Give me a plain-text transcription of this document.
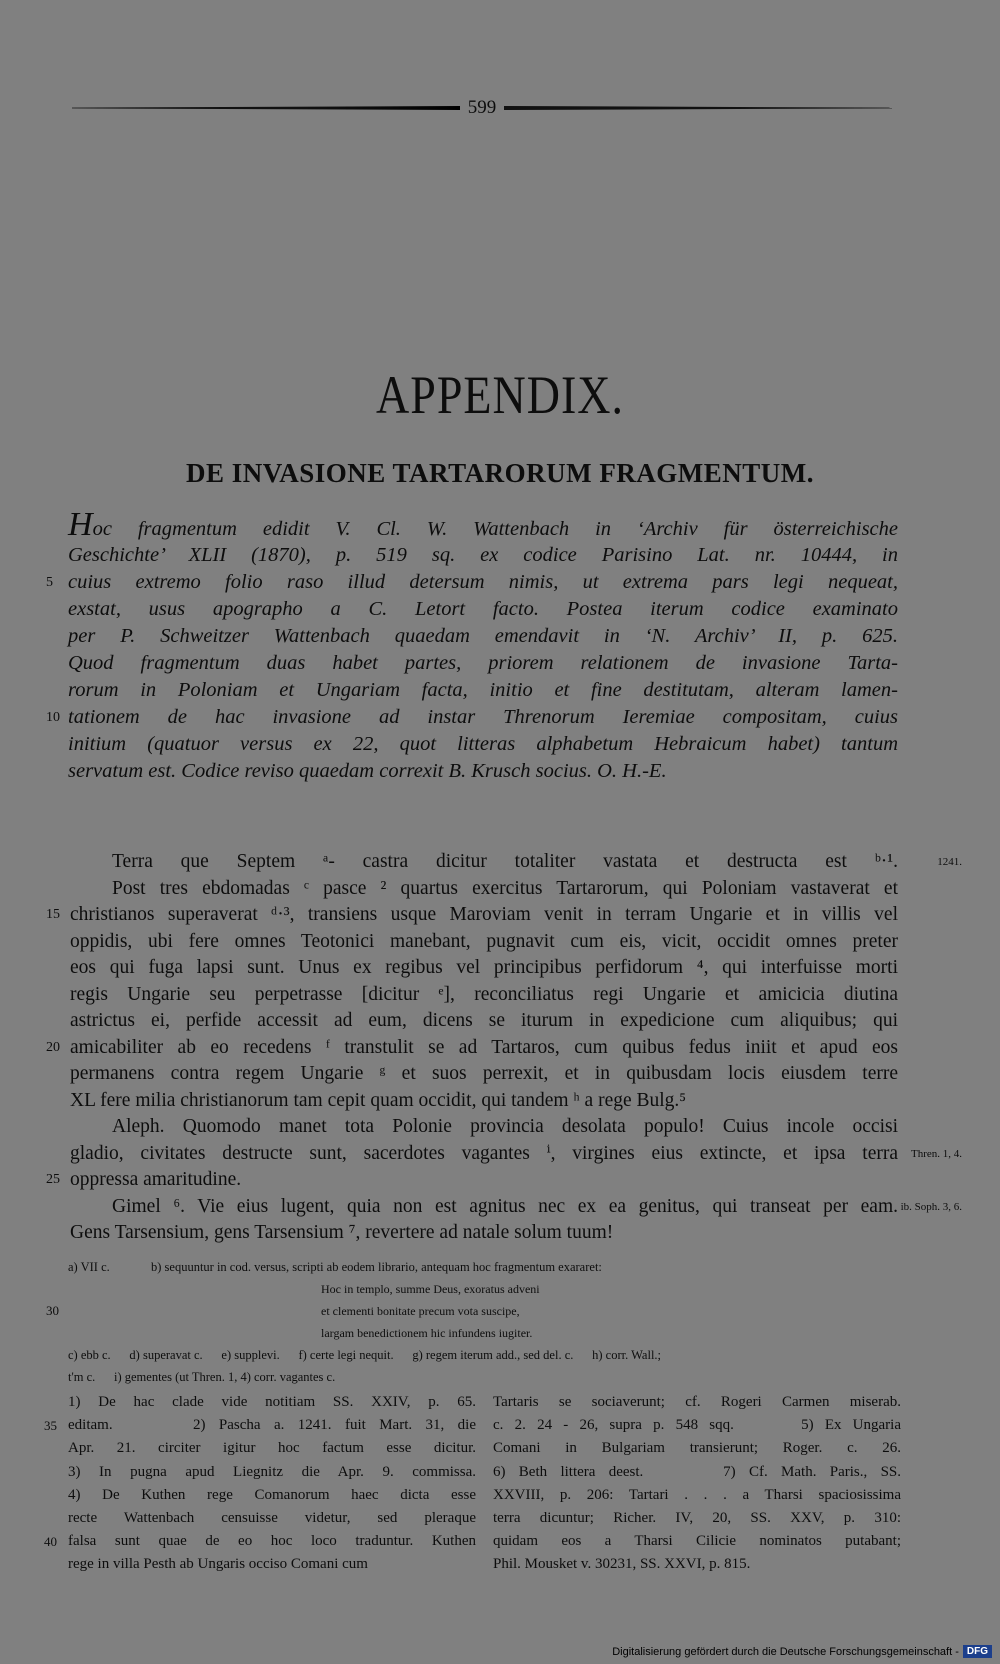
599
APPENDIX.
DE INVASIONE TARTARORUM FRAGMENTUM.
Hoc fragmentum edidit V. Cl. W. Wattenbach in ‘Archiv für österreichische
Geschichte’ XLII (1870), p. 519 sq. ex codice Parisino Lat. nr. 10444, in
5 cuius extremo folio raso illud detersum nimis, ut extrema pars legi nequeat,
exstat, usus apographo a C. Letort facto. Postea iterum codice examinato
per P. Schweitzer Wattenbach quaedam emendavit in ‘N. Archiv’ II, p. 625.
Quod fragmentum duas habet partes, priorem relationem de invasione Tarta-
rorum in Poloniam et Ungariam facta, initio et fine destitutam, alteram lamen-
10 tationem de hac invasione ad instar Threnorum Ieremiae compositam, cuius
initium (quatuor versus ex 22, quot litteras alphabetum Hebraicum habet) tantum
servatum est. Codice reviso quaedam correxit B. Krusch socius. O. H.-E.
Terra que Septem ᵃ- castra dicitur totaliter vastata et destructa est ᵇ·¹.	1241.
Post tres ebdomadas ᶜ pasce ² quartus exercitus Tartarorum, qui Poloniam vastaverat et
15 christianos superaverat ᵈ·³, transiens usque Maroviam venit in terram Ungarie et in villis vel
oppidis, ubi fere omnes Teotonici manebant, pugnavit cum eis, vicit, occidit omnes preter
eos qui fuga lapsi sunt. Unus ex regibus vel principibus perfidorum ⁴, qui interfuisse morti
regis Ungarie seu perpetrasse [dicitur ᵉ], reconciliatus regi Ungarie et amicicia diutina
astrictus ei, perfide accessit ad eum, dicens se iturum in expedicione cum aliquibus; qui
20 amicabiliter ab eo recedens ᶠ transtulit se ad Tartaros, cum quibus fedus iniit et apud eos
permanens contra regem Ungarie ᵍ et suos perrexit, et in quibusdam locis eiusdem terre
XL fere milia christianorum tam cepit quam occidit, qui tandem ʰ a rege Bulg.⁵
Aleph. Quomodo manet tota Polonie provincia desolata populo! Cuius incole occisi
gladio, civitates destructe sunt, sacerdotes vagantes ⁱ, virgines eius extincte, et ipsa terra Thren. 1, 4.
25 oppressa amaritudine.
Gimel ⁶. Vie eius lugent, quia non est agnitus nec ex ea genitus, qui transeat per eam. ib. Soph. 3, 6.
Gens Tarsensium, gens Tarsensium ⁷, revertere ad natale solum tuum!
a) VII c.	b) sequuntur in cod. versus, scripti ab eodem librario, antequam hoc fragmentum exararet:
Hoc in templo, summe Deus, exoratus adveni
30	et clementi bonitate precum vota suscipe,
largam benedictionem hic infundens iugiter.
c) ebb c.      d) superavat c.      e) supplevi.      f) certe legi nequit.      g) regem iterum add., sed del. c.      h) corr. Wall.;
t'm c.      i) gementes (ut Thren. 1, 4) corr. vagantes c.
1) De hac clade vide notitiam SS. XXIV, p. 65.
35 editam.      2) Pascha a. 1241. fuit Mart. 31, die
Apr. 21. circiter igitur hoc factum esse dicitur.
3) In pugna apud Liegnitz die Apr. 9. commissa.
4) De Kuthen rege Comanorum haec dicta esse
recte Wattenbach censuisse videtur, sed pleraque
40 falsa sunt quae de eo hoc loco traduntur. Kuthen
rege in villa Pesth ab Ungaris occiso Comani cum
Tartaris se sociaverunt; cf. Rogeri Carmen miserab.
c. 2. 24 - 26, supra p. 548 sqq.      5) Ex Ungaria
Comani in Bulgariam transierunt; Roger. c. 26.
6) Beth littera deest.      7) Cf. Math. Paris., SS.
XXVIII, p. 206: Tartari . . . a Tharsi spaciosissima
terra dicuntur; Richer. IV, 20, SS. XXV, p. 310:
quidam eos a Tharsi Cilicie nominatos putabant;
Phil. Mousket v. 30231, SS. XXVI, p. 815.
Digitalisierung gefördert durch die Deutsche Forschungsgemeinschaft - DFG
